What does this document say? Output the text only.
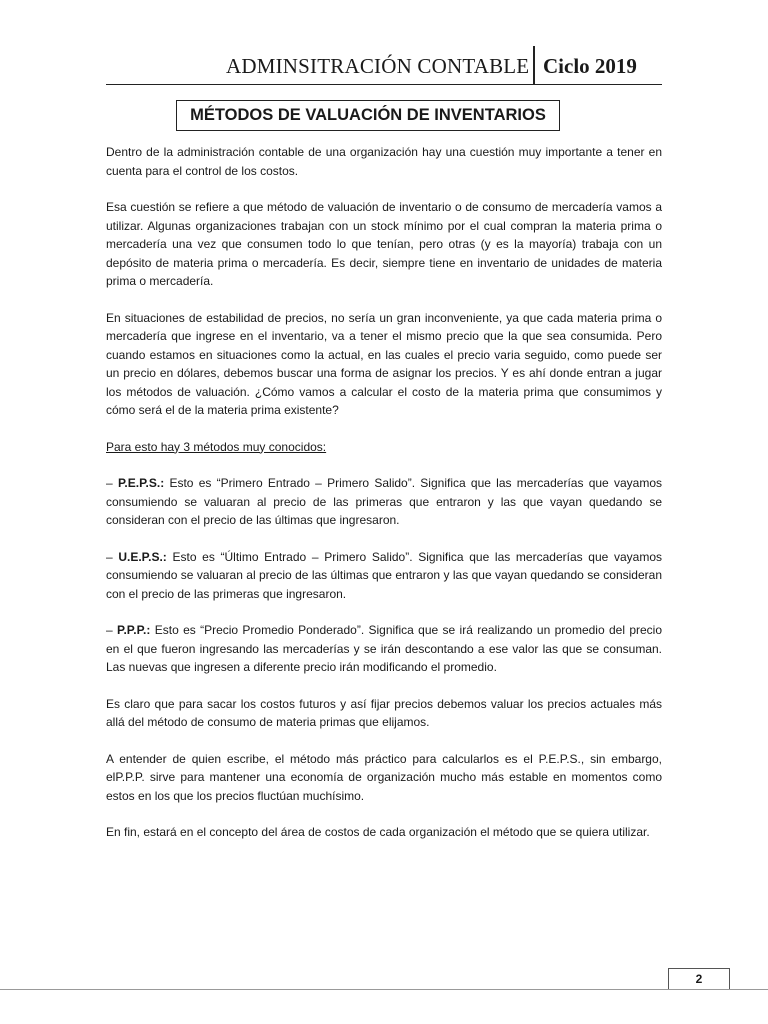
ADMINSITRACIÓN CONTABLE Ciclo 2019
MÉTODOS DE VALUACIÓN DE INVENTARIOS

Dentro de la administración contable de una organización hay una cuestión muy importante a tener en cuenta para el control de los costos.

Esa cuestión se refiere a que método de valuación de inventario o de consumo de mercadería vamos a utilizar. Algunas organizaciones trabajan con un stock mínimo por el cual compran la materia prima o mercadería una vez que consumen todo lo que tenían, pero otras (y es la mayoría) trabaja con un depósito de materia prima o mercadería. Es decir, siempre tiene en inventario de unidades de materia prima o mercadería.

En situaciones de estabilidad de precios, no sería un gran inconveniente, ya que cada materia prima o mercadería que ingrese en el inventario, va a tener el mismo precio que la que sea consumida. Pero cuando estamos en situaciones como la actual, en las cuales el precio varia seguido, como puede ser un precio en dólares, debemos buscar una forma de asignar los precios. Y es ahí donde entran a jugar los métodos de valuación. ¿Cómo vamos a calcular el costo de la materia prima que consumimos y cómo será el de la materia prima existente?

Para esto hay 3 métodos muy conocidos:

– P.E.P.S.: Esto es “Primero Entrado – Primero Salido”. Significa que las mercaderías que vayamos consumiendo se valuaran al precio de las primeras que entraron y las que vayan quedando se consideran con el precio de las últimas que ingresaron.

– U.E.P.S.: Esto es “Último Entrado – Primero Salido”. Significa que las mercaderías que vayamos consumiendo se valuaran al precio de las últimas que entraron y las que vayan quedando se consideran con el precio de las primeras que ingresaron.

– P.P.P.: Esto es “Precio Promedio Ponderado”. Significa que se irá realizando un promedio del precio en el que fueron ingresando las mercaderías y se irán descontando a ese valor las que se consuman. Las nuevas que ingresen a diferente precio irán modificando el promedio.

Es claro que para sacar los costos futuros y así fijar precios debemos valuar los precios actuales más allá del método de consumo de materia primas que elijamos.

A entender de quien escribe, el método más práctico para calcularlos es el P.E.P.S., sin embargo, elP.P.P. sirve para mantener una economía de organización mucho más estable en momentos como estos en los que los precios fluctúan muchísimo.

En fin, estará en el concepto del área de costos de cada organización el método que se quiera utilizar.

2
